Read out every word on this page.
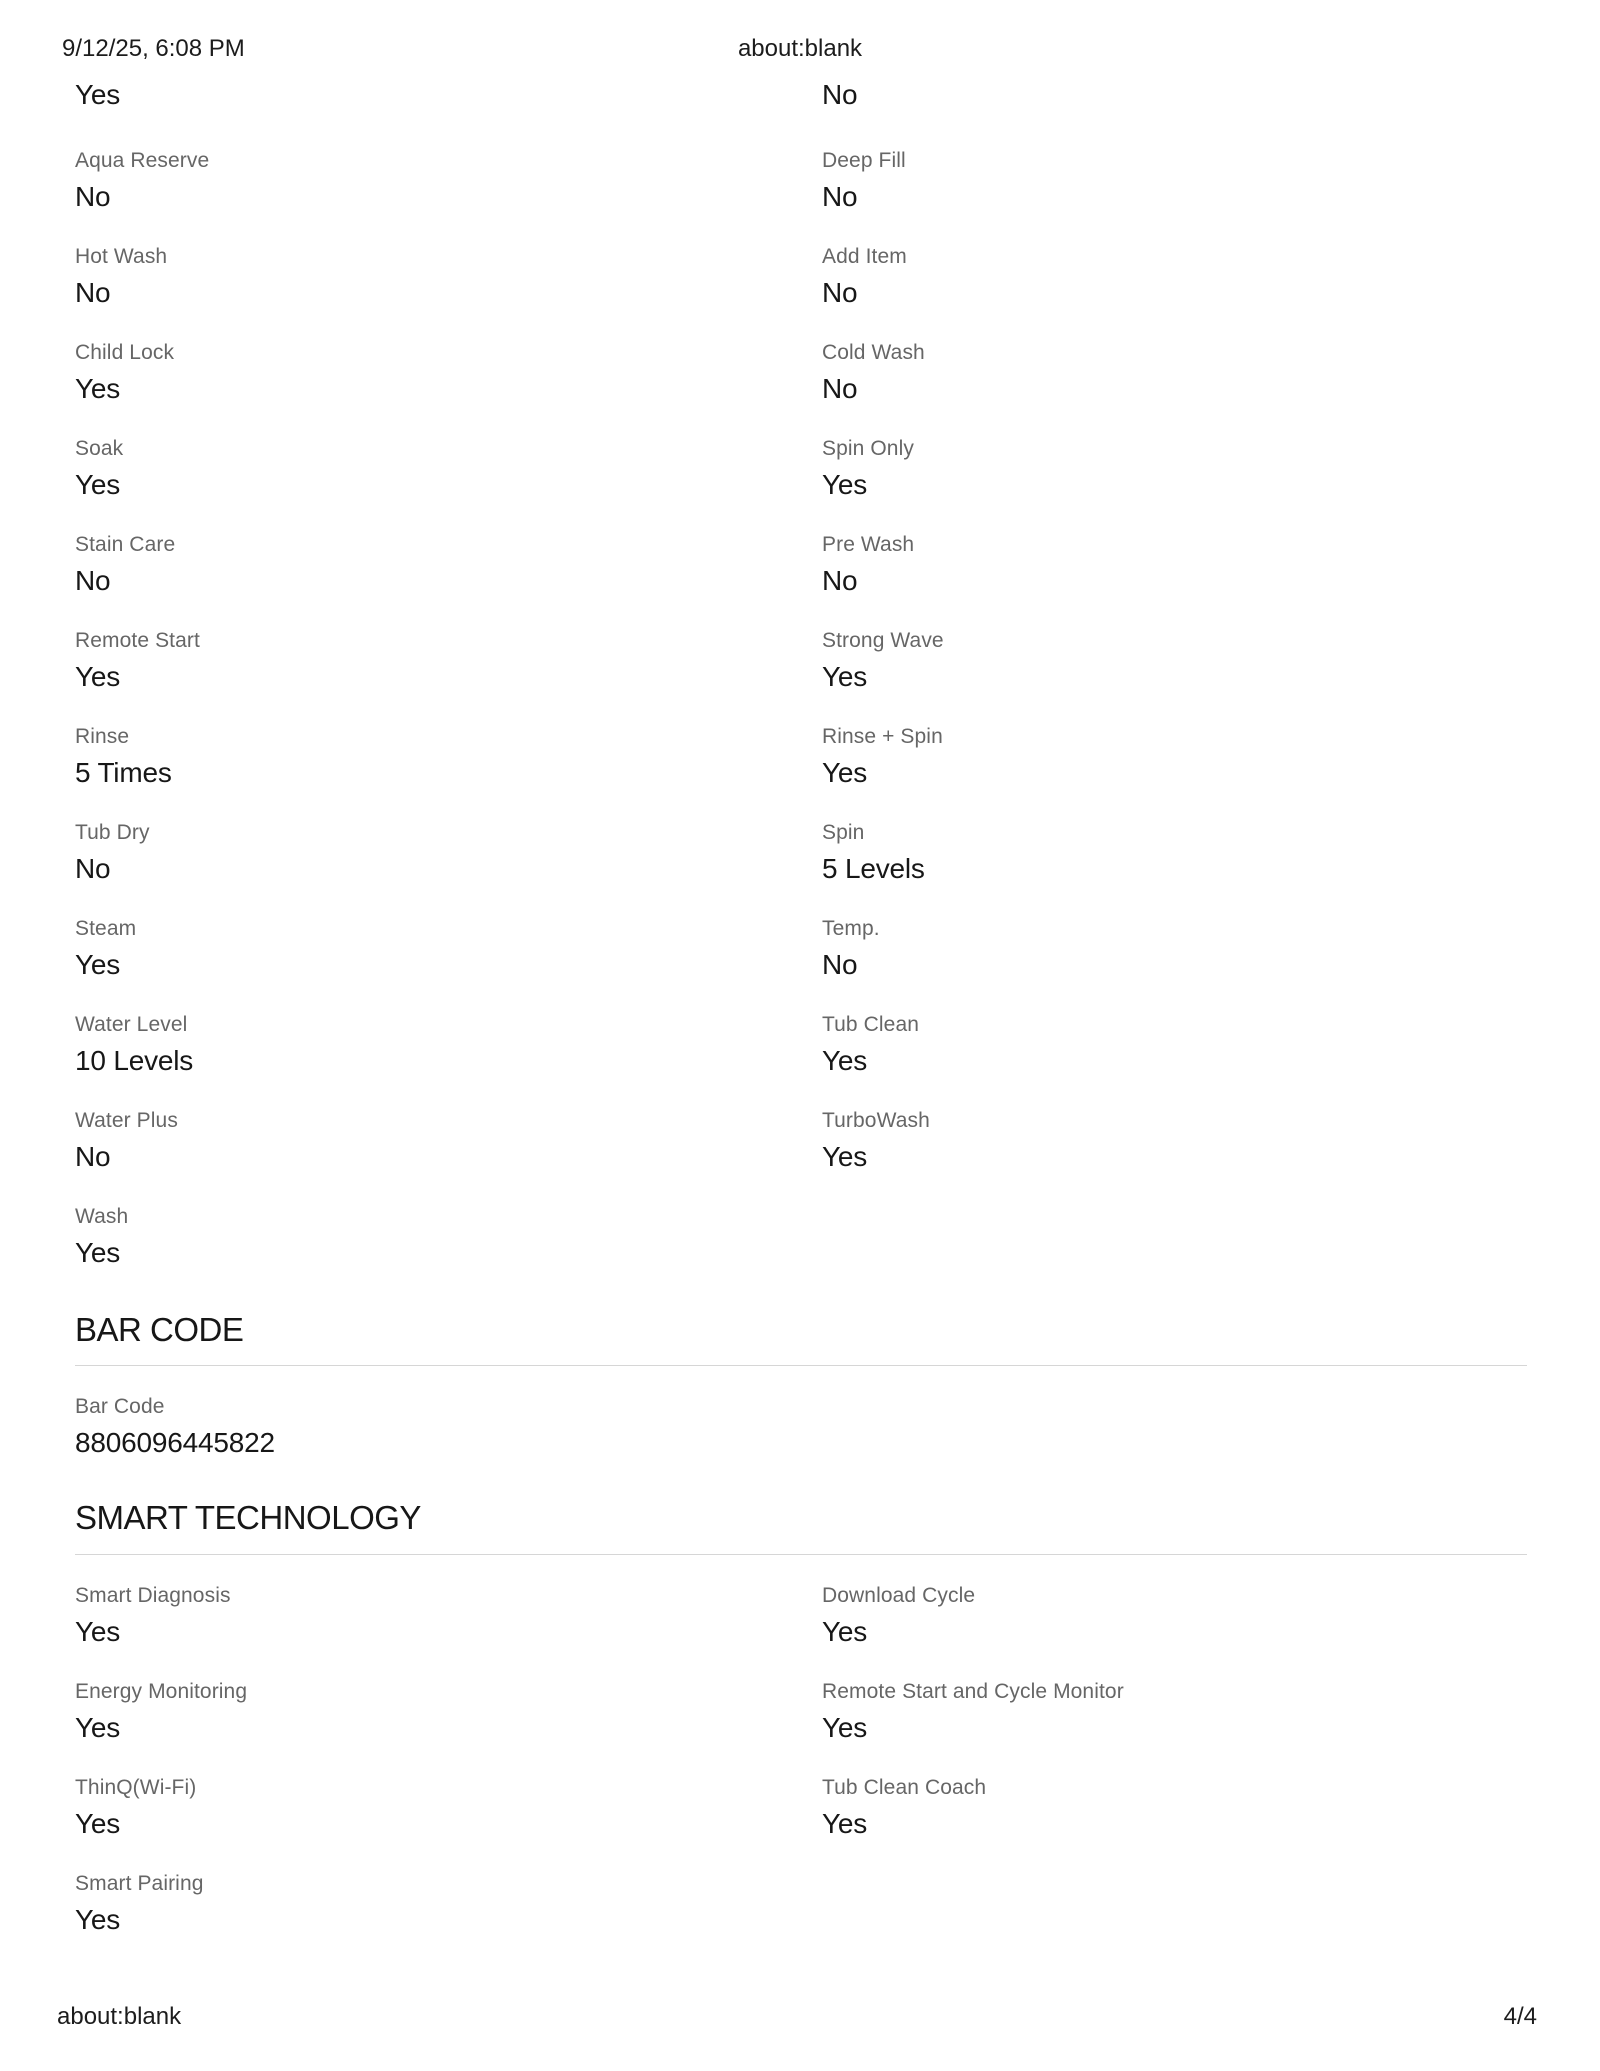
9/12/25, 6:08 PM	about:blank
Yes
Aqua Reserve
No
Hot Wash
No
Child Lock
Yes
Soak
Yes
Stain Care
No
Remote Start
Yes
Rinse
5 Times
Tub Dry
No
Steam
Yes
Water Level
10 Levels
Water Plus
No
Wash
Yes
No
Deep Fill
No
Add Item
No
Cold Wash
No
Spin Only
Yes
Pre Wash
No
Strong Wave
Yes
Rinse + Spin
Yes
Spin
5 Levels
Temp.
No
Tub Clean
Yes
TurboWash
Yes
BAR CODE
Bar Code
8806096445822
SMART TECHNOLOGY
Smart Diagnosis
Yes
Energy Monitoring
Yes
ThinQ(Wi-Fi)
Yes
Smart Pairing
Yes
Download Cycle
Yes
Remote Start and Cycle Monitor
Yes
Tub Clean Coach
Yes
about:blank	4/4
